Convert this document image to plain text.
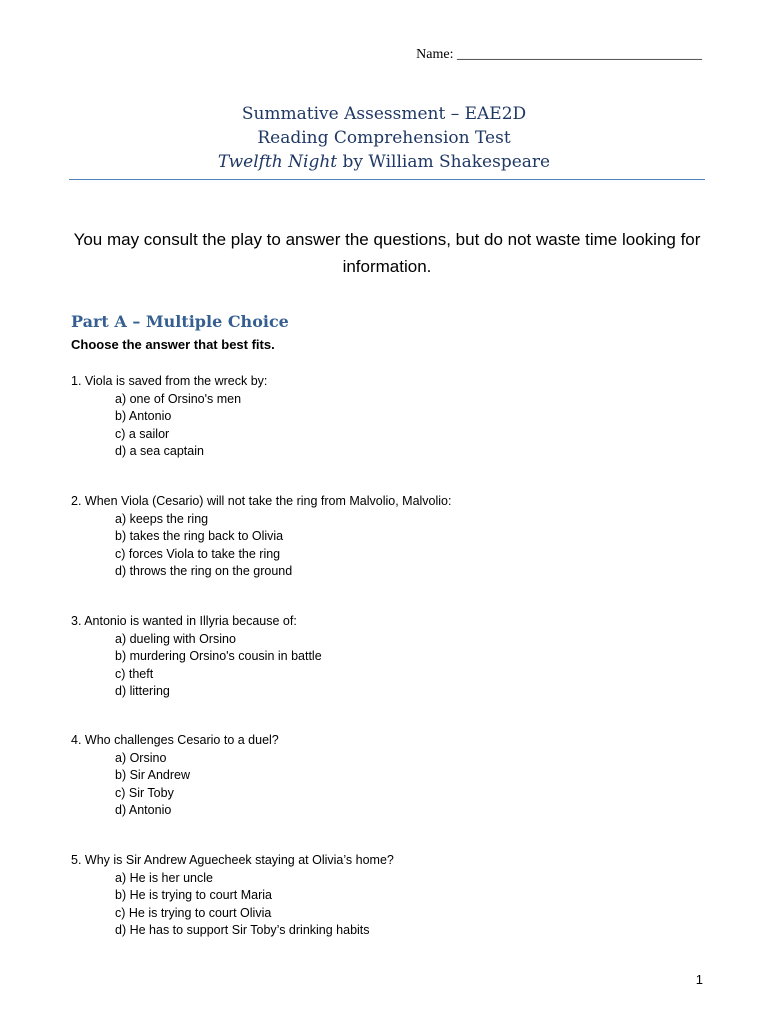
Name: ___________________________________
Summative Assessment – EAE2D
Reading Comprehension Test
Twelfth Night by William Shakespeare
You may consult the play to answer the questions, but do not waste time looking for information.
Part A – Multiple Choice
Choose the answer that best fits.
1. Viola is saved from the wreck by:
a) one of Orsino's men
b) Antonio
c) a sailor
d) a sea captain
2. When Viola (Cesario) will not take the ring from Malvolio, Malvolio:
a) keeps the ring
b) takes the ring back to Olivia
c) forces Viola to take the ring
d) throws the ring on the ground
3. Antonio is wanted in Illyria because of:
a) dueling with Orsino
b) murdering Orsino's cousin in battle
c) theft
d) littering
4. Who challenges Cesario to a duel?
a) Orsino
b) Sir Andrew
c) Sir Toby
d) Antonio
5. Why is Sir Andrew Aguecheek staying at Olivia’s home?
a) He is her uncle
b) He is trying to court Maria
c) He is trying to court Olivia
d) He has to support Sir Toby’s drinking habits
1
